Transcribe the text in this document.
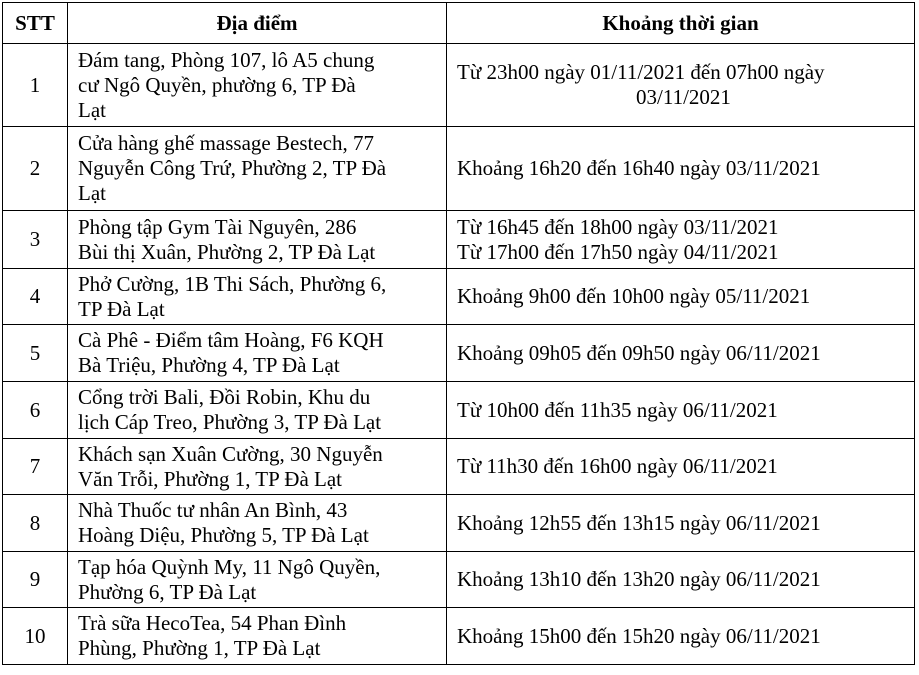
STT	Địa điểm	Khoảng thời gian
1	Đám tang, Phòng 107, lô A5 chung
cư Ngô Quyền, phường 6, TP Đà
Lạt	Từ 23h00 ngày 01/11/2021 đến 07h00 ngày
03/11/2021

2	Cửa hàng ghế massage Bestech, 77
Nguyễn Công Trứ, Phường 2, TP Đà
Lạt	Khoảng 16h20 đến 16h40 ngày 03/11/2021

3	Phòng tập Gym Tài Nguyên, 286
Bùi thị Xuân, Phường 2, TP Đà Lạt	Từ 16h45 đến 18h00 ngày 03/11/2021
Từ 17h00 đến 17h50 ngày 04/11/2021

4	Phở Cường, 1B Thi Sách, Phường 6,
TP Đà Lạt	Khoảng 9h00 đến 10h00 ngày 05/11/2021

5	Cà Phê - Điểm tâm Hoàng, F6 KQH
Bà Triệu, Phường 4, TP Đà Lạt	Khoảng 09h05 đến 09h50 ngày 06/11/2021

6	Cổng trời Bali, Đồi Robin, Khu du
lịch Cáp Treo, Phường 3, TP Đà Lạt	Từ 10h00 đến 11h35 ngày 06/11/2021

7	Khách sạn Xuân Cường, 30 Nguyễn
Văn Trỗi, Phường 1, TP Đà Lạt	Từ 11h30 đến 16h00 ngày 06/11/2021

8	Nhà Thuốc tư nhân An Bình, 43
Hoàng Diệu, Phường 5, TP Đà Lạt	Khoảng 12h55 đến 13h15 ngày 06/11/2021

9	Tạp hóa Quỳnh My, 11 Ngô Quyền,
Phường 6, TP Đà Lạt	Khoảng 13h10 đến 13h20 ngày 06/11/2021

10	Trà sữa HecoTea, 54 Phan Đình
Phùng, Phường 1, TP Đà Lạt	Khoảng 15h00 đến 15h20 ngày 06/11/2021
